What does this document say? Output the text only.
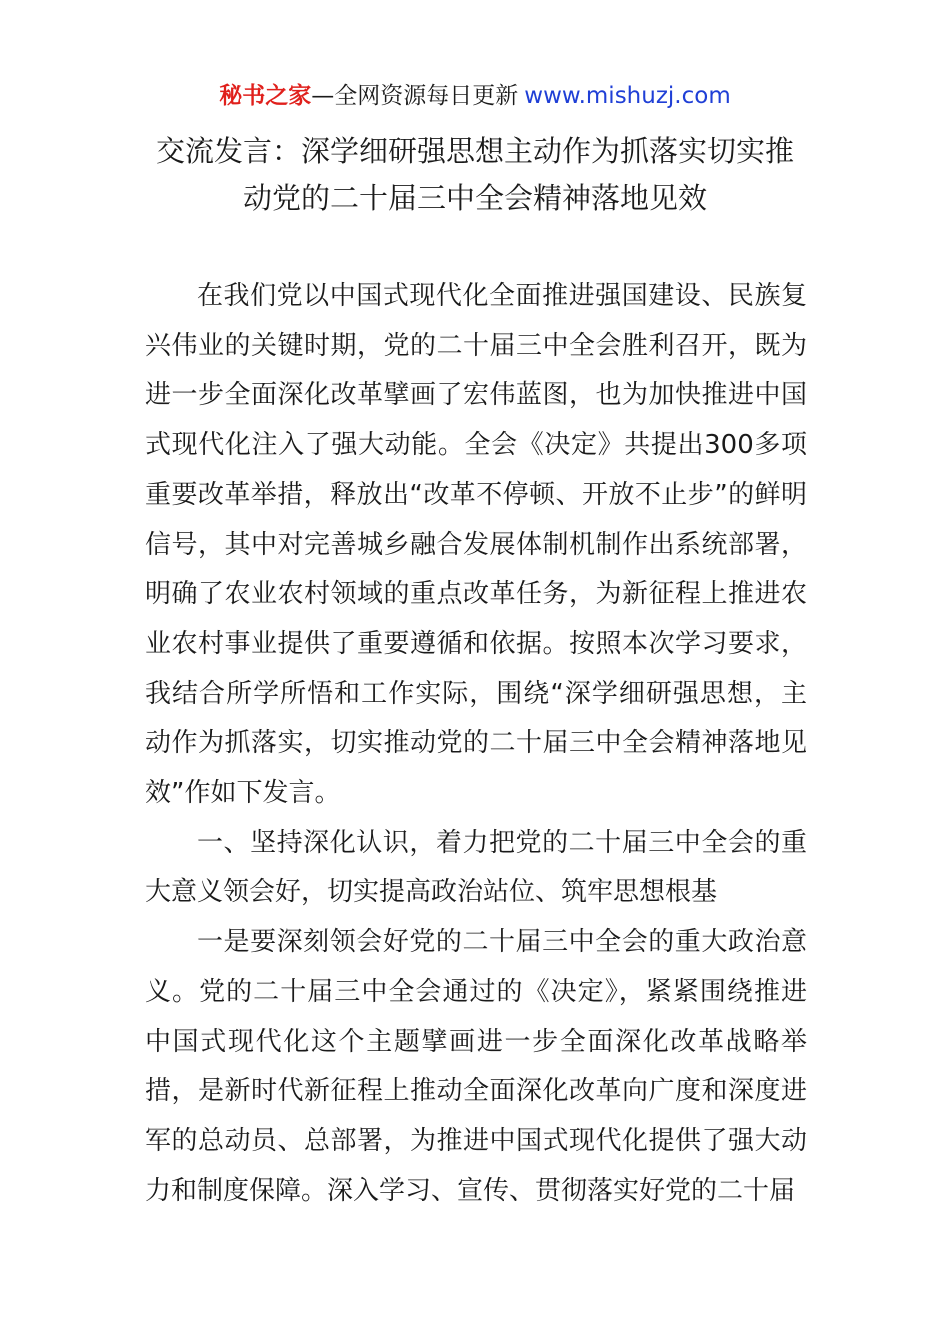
秘书之家—全网资源每日更新 www.mishuzj.com
交流发言：深学细研强思想主动作为抓落实切实推动党的二十届三中全会精神落地见效

在我们党以中国式现代化全面推进强国建设、民族复兴伟业的关键时期，党的二十届三中全会胜利召开，既为进一步全面深化改革擘画了宏伟蓝图，也为加快推进中国式现代化注入了强大动能。全会《决定》共提出300多项重要改革举措，释放出“改革不停顿、开放不止步”的鲜明信号，其中对完善城乡融合发展体制机制作出系统部署，明确了农业农村领域的重点改革任务，为新征程上推进农业农村事业提供了重要遵循和依据。按照本次学习要求，我结合所学所悟和工作实际，围绕“深学细研强思想，主动作为抓落实，切实推动党的二十届三中全会精神落地见效”作如下发言。

一、坚持深化认识，着力把党的二十届三中全会的重大意义领会好，切实提高政治站位、筑牢思想根基

一是要深刻领会好党的二十届三中全会的重大政治意义。党的二十届三中全会通过的《决定》，紧紧围绕推进中国式现代化这个主题擘画进一步全面深化改革战略举措，是新时代新征程上推动全面深化改革向广度和深度进军的总动员、总部署，为推进中国式现代化提供了强大动力和制度保障。深入学习、宣传、贯彻落实好党的二十届
